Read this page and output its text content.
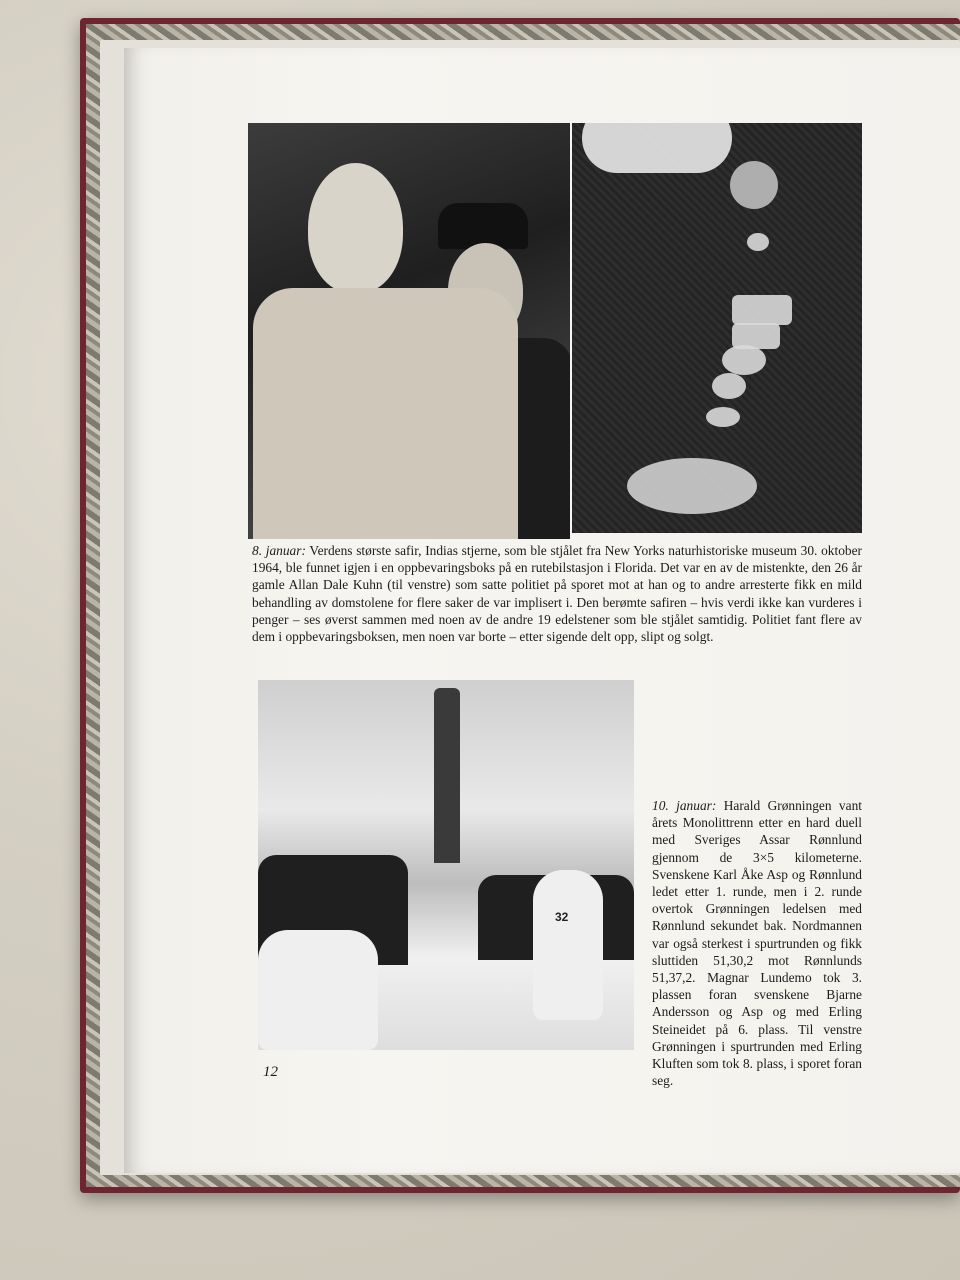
8. januar: Verdens største safir, Indias stjerne, som ble stjålet fra New Yorks naturhistoriske museum 30. oktober 1964, ble funnet igjen i en oppbevaringsboks på en rutebilstasjon i Florida. Det var en av de mistenkte, den 26 år gamle Allan Dale Kuhn (til venstre) som satte politiet på sporet mot at han og to andre arresterte fikk en mild behandling av domstolene for flere saker de var implisert i. Den berømte safiren – hvis verdi ikke kan vurderes i penger – ses øverst sammen med noen av de andre 19 edelstener som ble stjålet samtidig. Politiet fant flere av dem i oppbevaringsboksen, men noen var borte – etter sigende delt opp, slipt og solgt.
32
10. januar: Harald Grønningen vant årets Monolittrenn etter en hard duell med Sveriges Assar Rønnlund gjennom de 3×5 kilometerne. Svenskene Karl Åke Asp og Rønnlund ledet etter 1. runde, men i 2. runde overtok Grønningen ledelsen med Rønnlund sekundet bak. Nordmannen var også sterkest i spurtrunden og fikk sluttiden 51,30,2 mot Rønnlunds 51,37,2. Magnar Lundemo tok 3. plassen foran svenskene Bjarne Andersson og Asp og med Erling Steineidet på 6. plass. Til venstre Grønningen i spurtrunden med Erling Kluften som tok 8. plass, i sporet foran seg.
12
